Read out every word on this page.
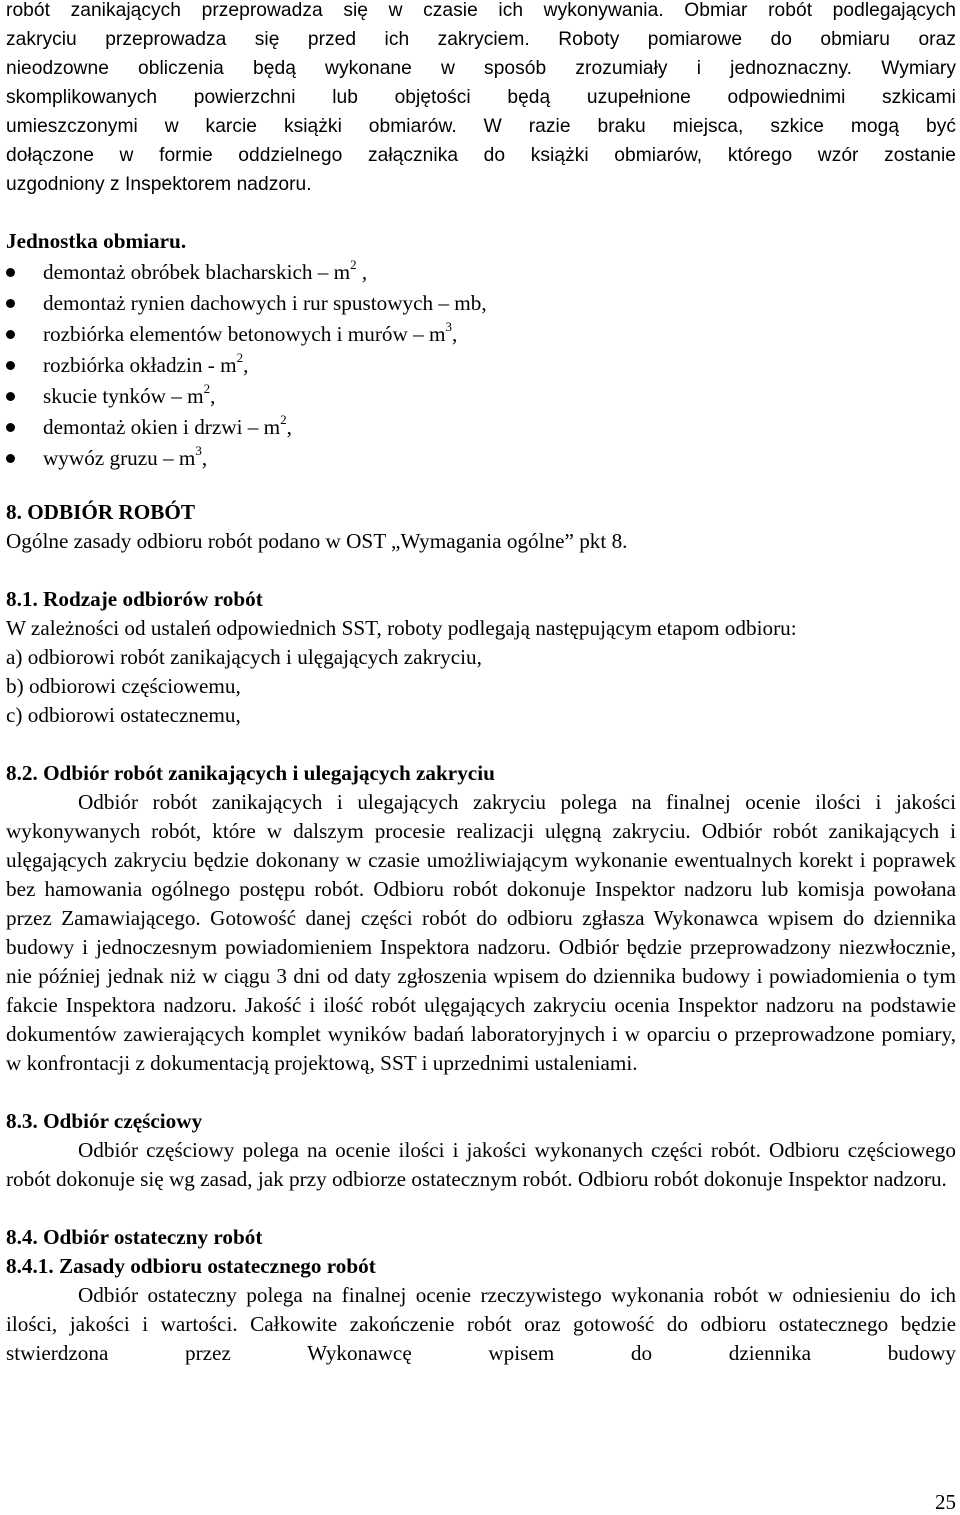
robót zanikających przeprowadza się w czasie ich wykonywania. Obmiar robót podlegających
zakryciu przeprowadza się przed ich zakryciem. Roboty pomiarowe do obmiaru oraz
nieodzowne obliczenia będą wykonane w sposób zrozumiały i jednoznaczny. Wymiary
skomplikowanych powierzchni lub objętości będą uzupełnione odpowiednimi szkicami
umieszczonymi w karcie książki obmiarów. W razie braku miejsca, szkice mogą być
dołączone w formie oddzielnego załącznika do książki obmiarów, którego wzór zostanie
uzgodniony z Inspektorem nadzoru.
Jednostka obmiaru.
demontaż obróbek blacharskich – $m^2$ ,
demontaż rynien dachowych i rur spustowych – mb,
rozbiórka elementów betonowych i murów – $m^3$,
rozbiórka okładzin - $m^2$,
skucie tynków – $m^2$,
demontaż okien i drzwi – $m^2$,
wywóz gruzu – $m^3$,
8. ODBIÓR ROBÓT
Ogólne zasady odbioru robót podano w OST „Wymagania ogólne” pkt 8.
8.1. Rodzaje odbiorów robót
W zależności od ustaleń odpowiednich SST, roboty podlegają następującym etapom odbioru:
a) odbiorowi robót zanikających i ulęgających zakryciu,
b) odbiorowi częściowemu,
c) odbiorowi ostatecznemu,
8.2. Odbiór robót zanikających i ulegających zakryciu
Odbiór robót zanikających i ulegających zakryciu polega na finalnej ocenie ilości i jakości wykonywanych robót, które w dalszym procesie realizacji ulęgną zakryciu. Odbiór robót zanikających i ulęgających zakryciu będzie dokonany w czasie umożliwiającym wykonanie ewentualnych korekt i poprawek bez hamowania ogólnego postępu robót. Odbioru robót dokonuje Inspektor nadzoru lub komisja powołana przez Zamawiającego. Gotowość danej części robót do odbioru zgłasza Wykonawca wpisem do dziennika budowy i jednoczesnym powiadomieniem Inspektora nadzoru. Odbiór będzie przeprowadzony niezwłocznie, nie później jednak niż w ciągu 3 dni od daty zgłoszenia wpisem do dziennika budowy i powiadomienia o tym fakcie Inspektora nadzoru. Jakość i ilość robót ulęgających zakryciu ocenia Inspektor nadzoru na podstawie dokumentów zawierających komplet wyników badań laboratoryjnych i w oparciu o przeprowadzone pomiary, w konfrontacji z dokumentacją projektową, SST i uprzednimi ustaleniami.
8.3. Odbiór częściowy
Odbiór częściowy polega na ocenie ilości i jakości wykonanych części robót. Odbioru częściowego robót dokonuje się wg zasad, jak przy odbiorze ostatecznym robót. Odbioru robót dokonuje Inspektor nadzoru.
8.4. Odbiór ostateczny robót
8.4.1. Zasady odbioru ostatecznego robót
Odbiór ostateczny polega na finalnej ocenie rzeczywistego wykonania robót w odniesieniu do ich ilości, jakości i wartości. Całkowite zakończenie robót oraz gotowość do odbioru ostatecznego będzie stwierdzona przez Wykonawcę wpisem do dziennika budowy
25
